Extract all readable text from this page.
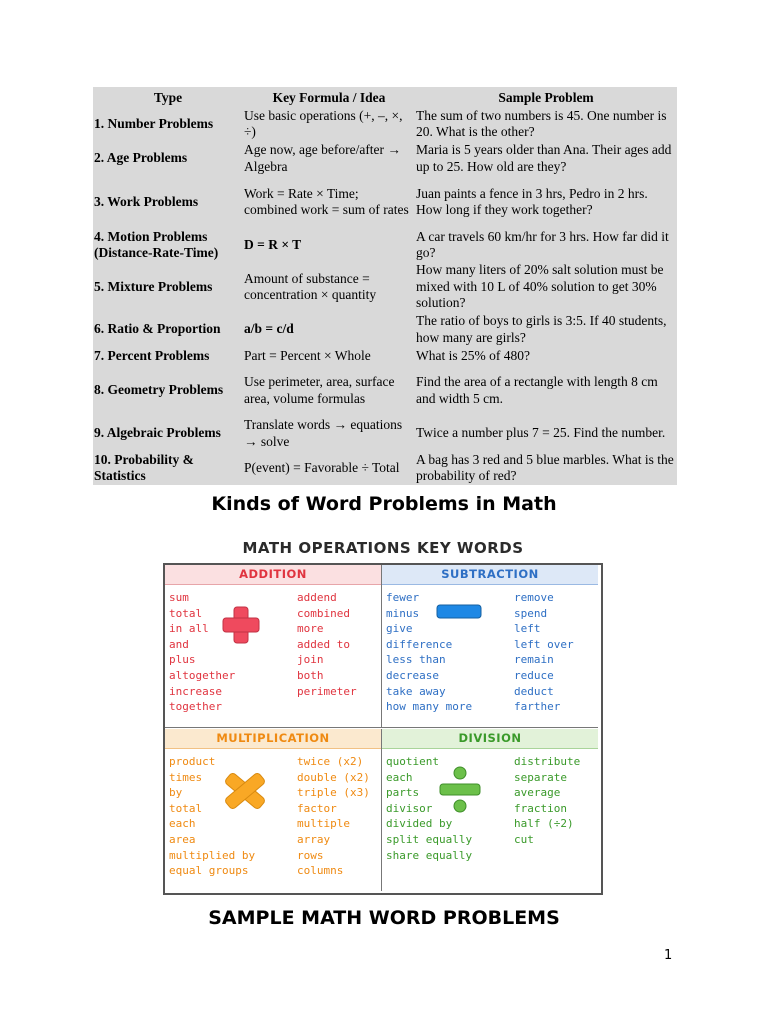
Type	Key Formula / Idea	Sample Problem
1. Number Problems	Use basic operations (+, –, ×, ÷)	The sum of two numbers is 45. One number is 20. What is the other?
2. Age Problems	Age now, age before/after → Algebra	Maria is 5 years older than Ana. Their ages add up to 25. How old are they?
3. Work Problems	Work = Rate × Time; combined work = sum of rates	Juan paints a fence in 3 hrs, Pedro in 2 hrs. How long if they work together?
4. Motion Problems (Distance-Rate-Time)	D = R × T	A car travels 60 km/hr for 3 hrs. How far did it go?
5. Mixture Problems	Amount of substance = concentration × quantity	How many liters of 20% salt solution must be mixed with 10 L of 40% solution to get 30% solution?
6. Ratio & Proportion	a/b = c/d	The ratio of boys to girls is 3:5. If 40 students, how many are girls?
7. Percent Problems	Part = Percent × Whole	What is 25% of 480?
8. Geometry Problems	Use perimeter, area, surface area, volume formulas	Find the area of a rectangle with length 8 cm and width 5 cm.
9. Algebraic Problems	Translate words → equations → solve	Twice a number plus 7 = 25. Find the number.
10. Probability & Statistics	P(event) = Favorable ÷ Total	A bag has 3 red and 5 blue marbles. What is the probability of red?
Kinds of Word Problems in Math
MATH OPERATIONS KEY WORDS
ADDITION
sum
total
in all
and
plus
altogether
increase
together
addend
combined
more
added to
join
both
perimeter
SUBTRACTION
fewer
minus
give
difference
less than
decrease
take away
how many more
remove
spend
left
left over
remain
reduce
deduct
farther
MULTIPLICATION
product
times
by
total
each
area
multiplied by
equal groups
twice (x2)
double (x2)
triple (x3)
factor
multiple
array
rows
columns
DIVISION
quotient
each
parts
divisor
divided by
split equally
share equally
distribute
separate
average
fraction
half (÷2)
cut
SAMPLE MATH WORD PROBLEMS
1
